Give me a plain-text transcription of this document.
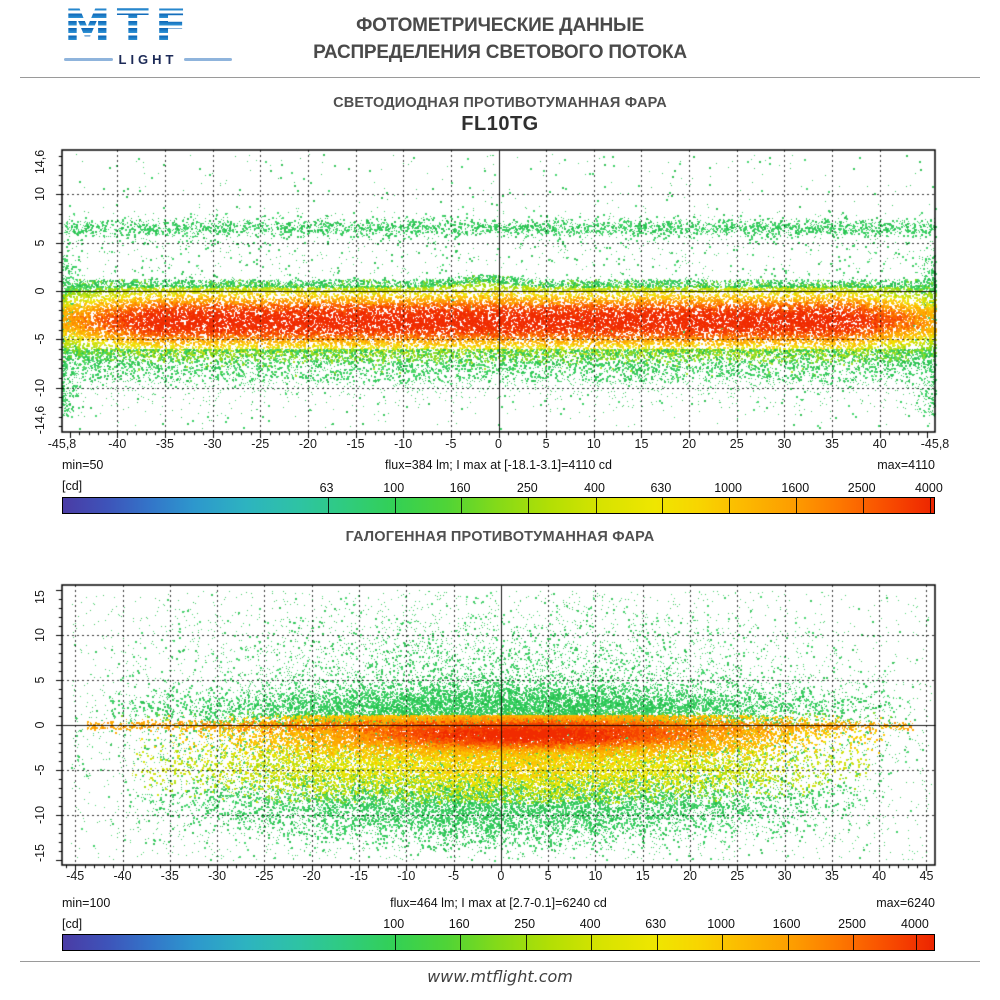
MTF
LIGHT
ФОТОМЕТРИЧЕСКИЕ ДАННЫЕ
РАСПРЕДЕЛЕНИЯ СВЕТОВОГО ПОТОКА
СВЕТОДИОДНАЯ ПРОТИВОТУМАННАЯ ФАРА
FL10TG
-45,8	-40 -35 -30 -25 -20 -15 -10	-5	0	5	10	15	20	25	30	35	40	-45,8
14,6
10
5
0
-5
-10
-14,6
63	100	160	250	400	630	1000	1600	2500	4000
min=50	flux=384 lm; I max at [-18.1-3.1]=4110 cd	max=4110
[cd]
ГАЛОГЕННАЯ ПРОТИВОТУМАННАЯ ФАРА
-45 -40 -35 -30 -25 -20 -15 -10	-5	0	5	10	15	20	25	30	35	40	45
15
10
5
0
-5
-10
-15
100	160	250	400	630	1000	1600	2500	4000
min=100	flux=464 lm; I max at [2.7-0.1]=6240 cd	max=6240
[cd]
www.mtflight.com
